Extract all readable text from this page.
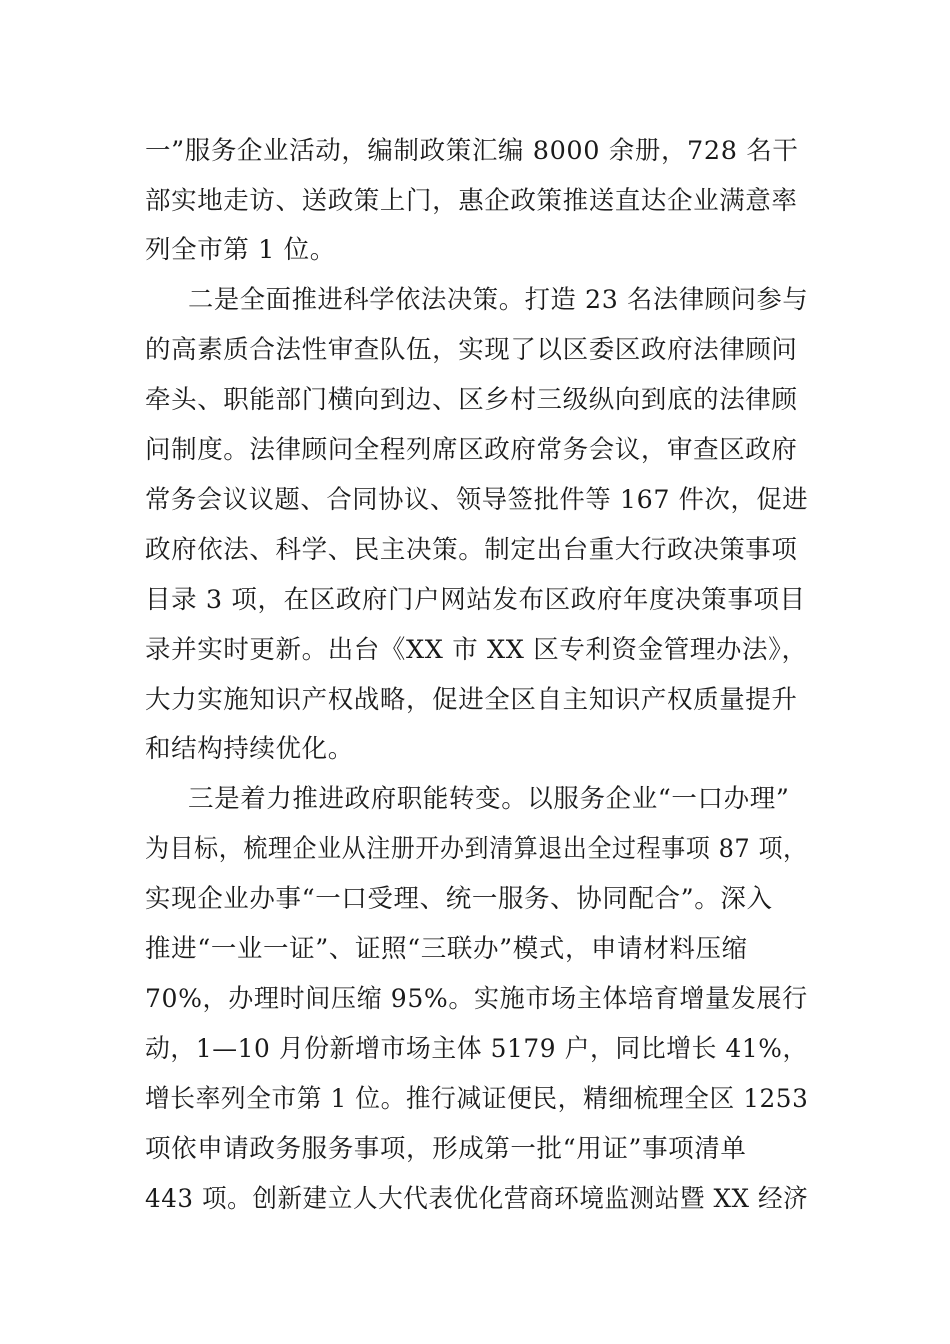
一”服务企业活动，编制政策汇编 8000 余册，728 名干
部实地走访、送政策上门，惠企政策推送直达企业满意率
列全市第 1 位。
二是全面推进科学依法决策。打造 23 名法律顾问参与
的高素质合法性审查队伍，实现了以区委区政府法律顾问
牵头、职能部门横向到边、区乡村三级纵向到底的法律顾
问制度。法律顾问全程列席区政府常务会议，审查区政府
常务会议议题、合同协议、领导签批件等 167 件次，促进
政府依法、科学、民主决策。制定出台重大行政决策事项
目录 3 项，在区政府门户网站发布区政府年度决策事项目
录并实时更新。出台《XX 市 XX 区专利资金管理办法》，
大力实施知识产权战略，促进全区自主知识产权质量提升
和结构持续优化。
三是着力推进政府职能转变。以服务企业“一口办理”
为目标，梳理企业从注册开办到清算退出全过程事项 87 项，
实现企业办事“一口受理、统一服务、协同配合”。深入
推进“一业一证”、证照“三联办”模式，申请材料压缩
70%，办理时间压缩 95%。实施市场主体培育增量发展行
动，1—10 月份新增市场主体 5179 户，同比增长 41%，
增长率列全市第 1 位。推行减证便民，精细梳理全区 1253
项依申请政务服务事项，形成第一批“用证”事项清单
443 项。创新建立人大代表优化营商环境监测站暨 XX 经济
